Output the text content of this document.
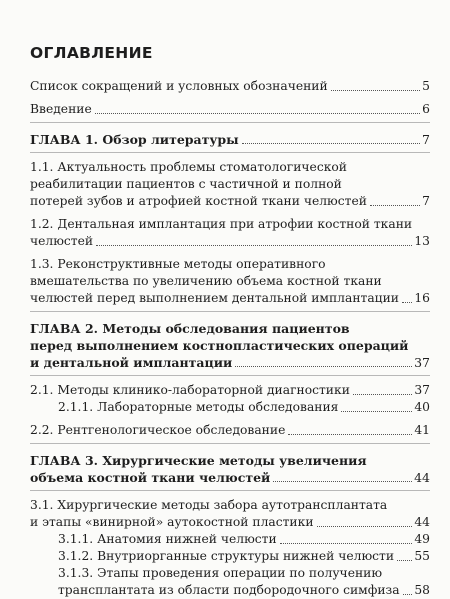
ОГЛАВЛЕНИЕ
Список сокращений и условных обозначений	5
Введение	6
ГЛАВА 1. Обзор литературы	7
1.1. Актуальность проблемы стоматологической
реабилитации пациентов с частичной и полной
потерей зубов и атрофией костной ткани челюстей	7
1.2. Дентальная имплантация при атрофии костной ткани
челюстей	13
1.3. Реконструктивные методы оперативного
вмешательства по увеличению объема костной ткани
челюстей перед выполнением дентальной имплантации 16
ГЛАВА 2. Методы обследования пациентов
перед выполнением костнопластических операций
и дентальной имплантации	37
2.1. Методы клинико-лабораторной диагностики	37
2.1.1. Лабораторные методы обследования	40
2.2. Рентгенологическое обследование	41
ГЛАВА 3. Хирургические методы увеличения
объема костной ткани челюстей	44
3.1. Хирургические методы забора аутотрансплантата
и этапы «винирной» аутокостной пластики	44
3.1.1. Анатомия нижней челюсти	49
3.1.2. Внутриорганные структуры нижней челюсти 55
3.1.3. Этапы проведения операции по получению
трансплантата из области подбородочного симфиза 58
